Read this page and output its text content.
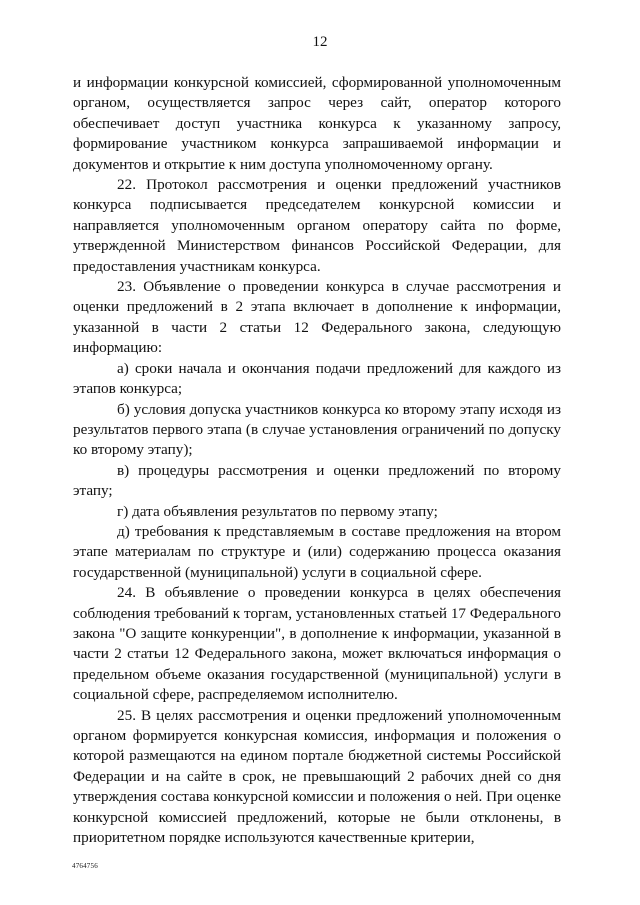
12

и информации конкурсной комиссией, сформированной уполномоченным органом, осуществляется запрос через сайт, оператор которого обеспечивает доступ участника конкурса к указанному запросу, формирование участником конкурса запрашиваемой информации и документов и открытие к ним доступа уполномоченному органу.

22. Протокол рассмотрения и оценки предложений участников конкурса подписывается председателем конкурсной комиссии и направляется уполномоченным органом оператору сайта по форме, утвержденной Министерством финансов Российской Федерации, для предоставления участникам конкурса.

23. Объявление о проведении конкурса в случае рассмотрения и оценки предложений в 2 этапа включает в дополнение к информации, указанной в части 2 статьи 12 Федерального закона, следующую информацию:

а) сроки начала и окончания подачи предложений для каждого из этапов конкурса;

б) условия допуска участников конкурса ко второму этапу исходя из результатов первого этапа (в случае установления ограничений по допуску ко второму этапу);

в) процедуры рассмотрения и оценки предложений по второму этапу;

г) дата объявления результатов по первому этапу;

д) требования к представляемым в составе предложения на втором этапе материалам по структуре и (или) содержанию процесса оказания государственной (муниципальной) услуги в социальной сфере.

24. В объявление о проведении конкурса в целях обеспечения соблюдения требований к торгам, установленных статьей 17 Федерального закона "О защите конкуренции", в дополнение к информации, указанной в части 2 статьи 12 Федерального закона, может включаться информация о предельном объеме оказания государственной (муниципальной) услуги в социальной сфере, распределяемом исполнителю.

25. В целях рассмотрения и оценки предложений уполномоченным органом формируется конкурсная комиссия, информация и положения о которой размещаются на едином портале бюджетной системы Российской Федерации и на сайте в срок, не превышающий 2 рабочих дней со дня утверждения состава конкурсной комиссии и положения о ней. При оценке конкурсной комиссией предложений, которые не были отклонены, в приоритетном порядке используются качественные критерии,

4764756
